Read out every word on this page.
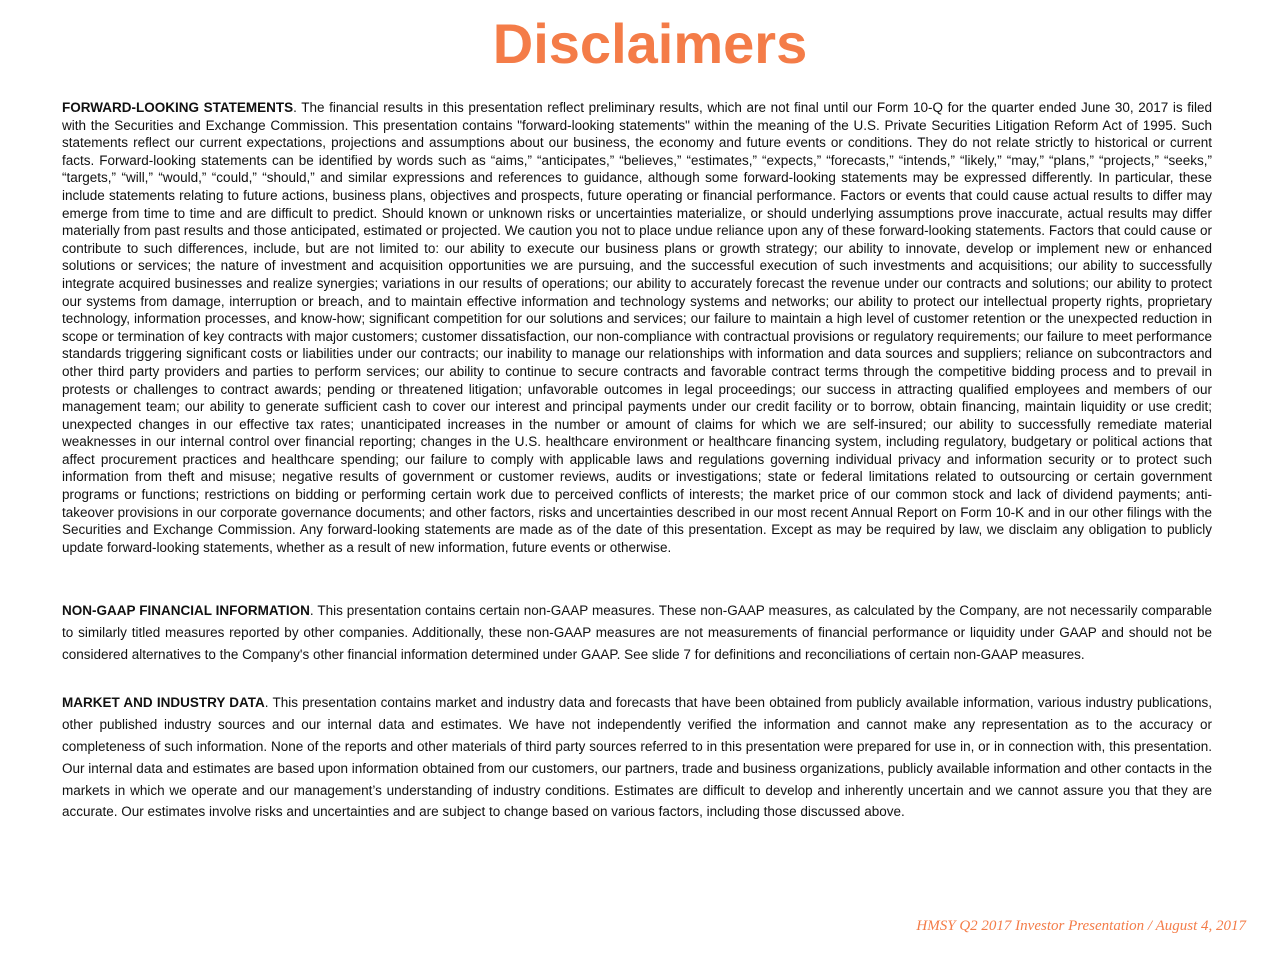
Disclaimers

FORWARD-LOOKING STATEMENTS. The financial results in this presentation reflect preliminary results, which are not final until our Form 10-Q for the quarter ended June 30, 2017 is filed with the Securities and Exchange Commission. This presentation contains "forward-looking statements" within the meaning of the U.S. Private Securities Litigation Reform Act of 1995. Such statements reflect our current expectations, projections and assumptions about our business, the economy and future events or conditions. They do not relate strictly to historical or current facts. Forward-looking statements can be identified by words such as “aims,” “anticipates,” “believes,” “estimates,” “expects,” “forecasts,” “intends,” “likely,” “may,” “plans,” “projects,” “seeks,” “targets,” “will,” “would,” “could,” “should,” and similar expressions and references to guidance, although some forward-looking statements may be expressed differently. In particular, these include statements relating to future actions, business plans, objectives and prospects, future operating or financial performance. Factors or events that could cause actual results to differ may emerge from time to time and are difficult to predict. Should known or unknown risks or uncertainties materialize, or should underlying assumptions prove inaccurate, actual results may differ materially from past results and those anticipated, estimated or projected. We caution you not to place undue reliance upon any of these forward-looking statements. Factors that could cause or contribute to such differences, include, but are not limited to: our ability to execute our business plans or growth strategy; our ability to innovate, develop or implement new or enhanced solutions or services; the nature of investment and acquisition opportunities we are pursuing, and the successful execution of such investments and acquisitions; our ability to successfully integrate acquired businesses and realize synergies; variations in our results of operations; our ability to accurately forecast the revenue under our contracts and solutions; our ability to protect our systems from damage, interruption or breach, and to maintain effective information and technology systems and networks; our ability to protect our intellectual property rights, proprietary technology, information processes, and know-how; significant competition for our solutions and services; our failure to maintain a high level of customer retention or the unexpected reduction in scope or termination of key contracts with major customers; customer dissatisfaction, our non-compliance with contractual provisions or regulatory requirements; our failure to meet performance standards triggering significant costs or liabilities under our contracts; our inability to manage our relationships with information and data sources and suppliers; reliance on subcontractors and other third party providers and parties to perform services; our ability to continue to secure contracts and favorable contract terms through the competitive bidding process and to prevail in protests or challenges to contract awards; pending or threatened litigation; unfavorable outcomes in legal proceedings; our success in attracting qualified employees and members of our management team; our ability to generate sufficient cash to cover our interest and principal payments under our credit facility or to borrow, obtain financing, maintain liquidity or use credit; unexpected changes in our effective tax rates; unanticipated increases in the number or amount of claims for which we are self-insured; our ability to successfully remediate material weaknesses in our internal control over financial reporting; changes in the U.S. healthcare environment or healthcare financing system, including regulatory, budgetary or political actions that affect procurement practices and healthcare spending; our failure to comply with applicable laws and regulations governing individual privacy and information security or to protect such information from theft and misuse; negative results of government or customer reviews, audits or investigations; state or federal limitations related to outsourcing or certain government programs or functions; restrictions on bidding or performing certain work due to perceived conflicts of interests; the market price of our common stock and lack of dividend payments; anti-takeover provisions in our corporate governance documents; and other factors, risks and uncertainties described in our most recent Annual Report on Form 10-K and in our other filings with the Securities and Exchange Commission. Any forward-looking statements are made as of the date of this presentation. Except as may be required by law, we disclaim any obligation to publicly update forward-looking statements, whether as a result of new information, future events or otherwise.

NON-GAAP FINANCIAL INFORMATION. This presentation contains certain non-GAAP measures. These non-GAAP measures, as calculated by the Company, are not necessarily comparable to similarly titled measures reported by other companies. Additionally, these non-GAAP measures are not measurements of financial performance or liquidity under GAAP and should not be considered alternatives to the Company's other financial information determined under GAAP. See slide 7 for definitions and reconciliations of certain non-GAAP measures.

MARKET AND INDUSTRY DATA. This presentation contains market and industry data and forecasts that have been obtained from publicly available information, various industry publications, other published industry sources and our internal data and estimates. We have not independently verified the information and cannot make any representation as to the accuracy or completeness of such information. None of the reports and other materials of third party sources referred to in this presentation were prepared for use in, or in connection with, this presentation. Our internal data and estimates are based upon information obtained from our customers, our partners, trade and business organizations, publicly available information and other contacts in the markets in which we operate and our management’s understanding of industry conditions. Estimates are difficult to develop and inherently uncertain and we cannot assure you that they are accurate. Our estimates involve risks and uncertainties and are subject to change based on various factors, including those discussed above.

HMSY Q2 2017 Investor Presentation / August 4, 2017
